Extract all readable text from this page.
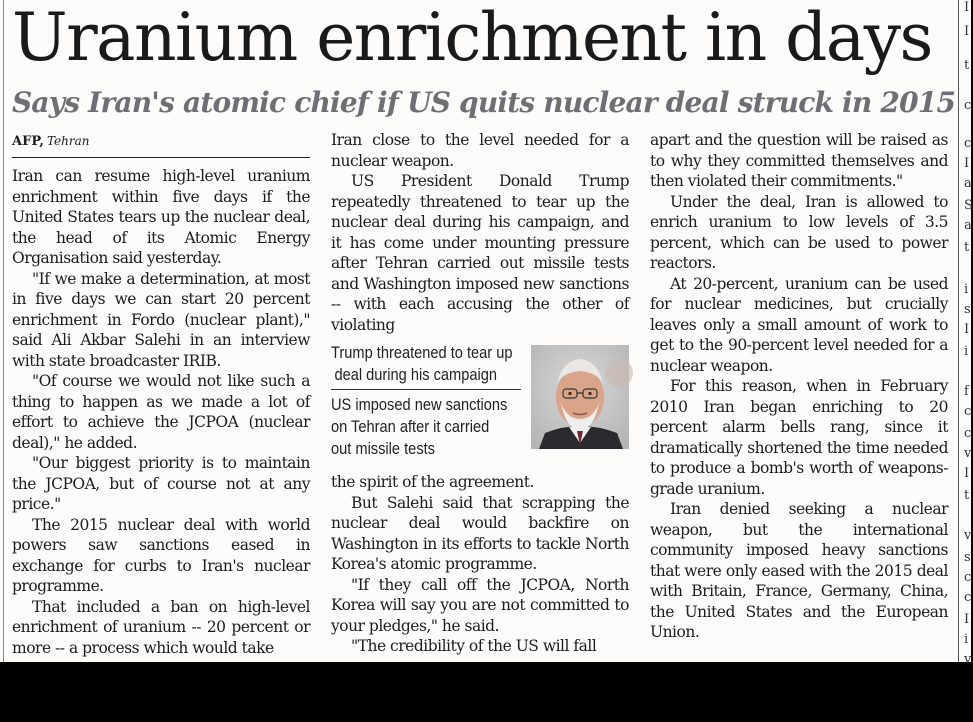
Uranium enrichment in days
Says Iran's atomic chief if US quits nuclear deal struck in 2015
AFP, Tehran

Iran can resume high-level uranium enrichment within five days if the United States tears up the nuclear deal, the head of its Atomic Energy Organisation said yesterday.

"If we make a determination, at most in five days we can start 20 percent enrichment in Fordo (nuclear plant)," said Ali Akbar Salehi in an interview with state broadcaster IRIB.

"Of course we would not like such a thing to happen as we made a lot of effort to achieve the JCPOA (nuclear deal)," he added.

"Our biggest priority is to maintain the JCPOA, but of course not at any price."

The 2015 nuclear deal with world powers saw sanctions eased in exchange for curbs to Iran's nuclear programme.

That included a ban on high-level enrichment of uranium -- 20 percent or more -- a process which would take

Iran close to the level needed for a nuclear weapon.

US President Donald Trump repeatedly threatened to tear up the nuclear deal during his campaign, and it has come under mounting pressure after Tehran carried out missile tests and Washington imposed new sanctions -- with each accusing the other of violating

Trump threatened to tear up
deal during his campaign
US imposed new sanctions
on Tehran after it carried
out missile tests

the spirit of the agreement.

But Salehi said that scrapping the nuclear deal would backfire on Washington in its efforts to tackle North Korea's atomic programme.

"If they call off the JCPOA, North Korea will say you are not committed to your pledges," he said.

"The credibility of the US will fall

apart and the question will be raised as to why they committed themselves and then violated their commitments."

Under the deal, Iran is allowed to enrich uranium to low levels of 3.5 percent, which can be used to power reactors.

At 20-percent, uranium can be used for nuclear medicines, but crucially leaves only a small amount of work to get to the 90-percent level needed for a nuclear weapon.

For this reason, when in February 2010 Iran began enriching to 20 percent alarm bells rang, since it dramatically shortened the time needed to produce a bomb's worth of weapons-grade uranium.

Iran denied seeking a nuclear weapon, but the international community imposed heavy sanctions that were only eased with the 2015 deal with Britain, France, Germany, China, the United States and the European Union.

I
I
t
c
c
I
a
S
a
t
i
s
I
i
f
c
c
v
I
t
v
s
c
c
I
i
v
